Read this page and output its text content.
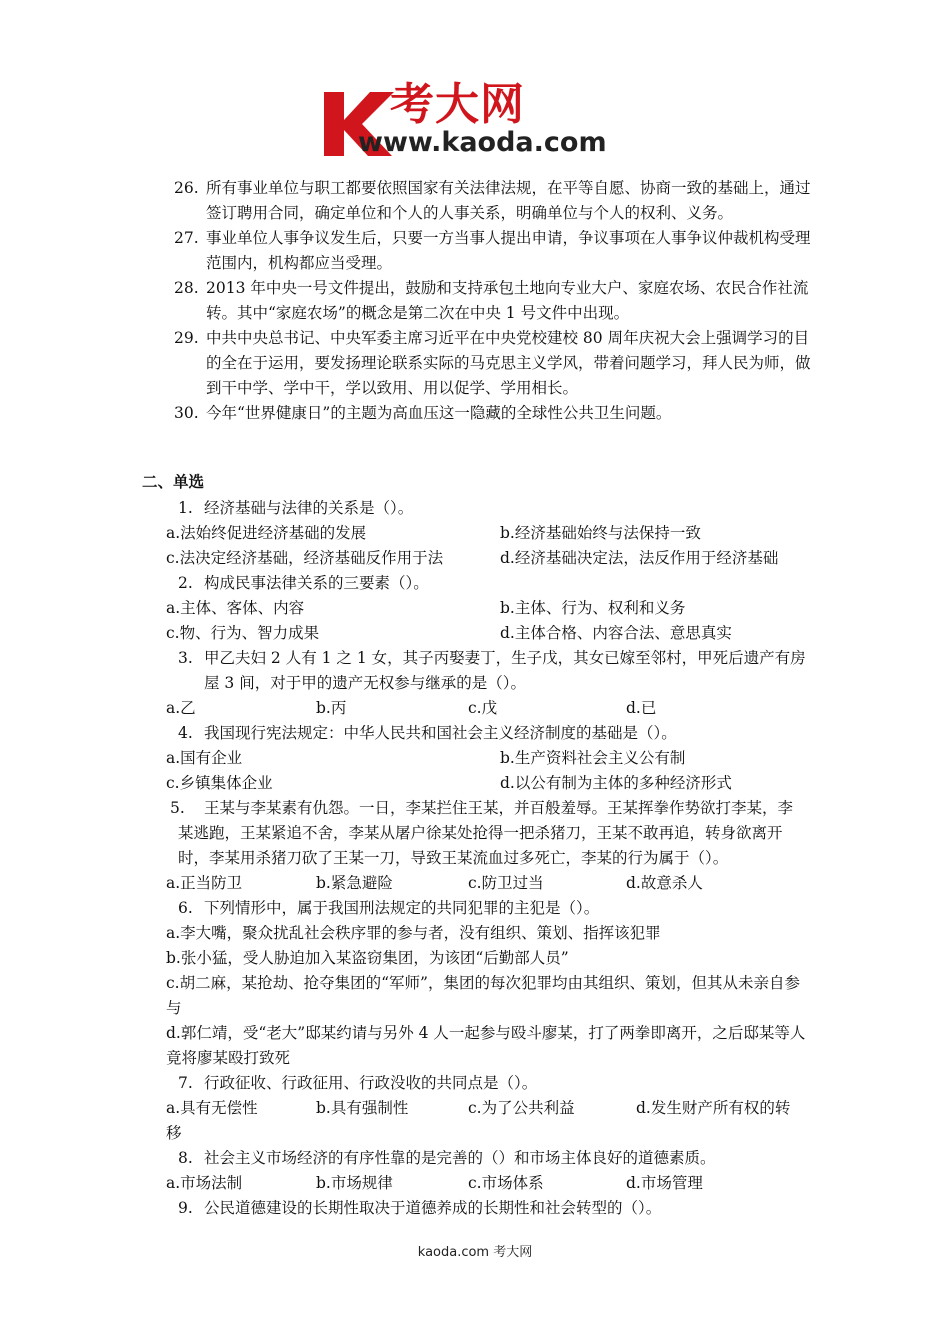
考大网
www.kaoda.com
26. 所有事业单位与职工都要依照国家有关法律法规，在平等自愿、协商一致的基础上，通过签订聘用合同，确定单位和个人的人事关系，明确单位与个人的权利、义务。
27. 事业单位人事争议发生后，只要一方当事人提出申请，争议事项在人事争议仲裁机构受理范围内，机构都应当受理。
28. 2013 年中央一号文件提出，鼓励和支持承包土地向专业大户、家庭农场、农民合作社流转。其中“家庭农场”的概念是第二次在中央 1 号文件中出现。
29. 中共中央总书记、中央军委主席习近平在中央党校建校 80 周年庆祝大会上强调学习的目的全在于运用，要发扬理论联系实际的马克思主义学风，带着问题学习，拜人民为师，做到干中学、学中干，学以致用、用以促学、学用相长。
30. 今年“世界健康日”的主题为高血压这一隐藏的全球性公共卫生问题。
二、单选
1. 经济基础与法律的关系是（）。
a.法始终促进经济基础的发展	b.经济基础始终与法保持一致
c.法决定经济基础，经济基础反作用于法	d.经济基础决定法，法反作用于经济基础
2. 构成民事法律关系的三要素（）。
a.主体、客体、内容	b.主体、行为、权利和义务
c.物、行为、智力成果	d.主体合格、内容合法、意思真实
3. 甲乙夫妇 2 人有 1 之 1 女，其子丙娶妻丁，生子戊，其女已嫁至邻村，甲死后遗产有房屋 3 间，对于甲的遗产无权参与继承的是（）。
a.乙	b.丙	c.戊	d.已
4. 我国现行宪法规定：中华人民共和国社会主义经济制度的基础是（）。
a.国有企业	b.生产资料社会主义公有制
c.乡镇集体企业	d.以公有制为主体的多种经济形式
5. 王某与李某素有仇怨。一日，李某拦住王某，并百般羞辱。王某挥拳作势欲打李某，李某逃跑，王某紧追不舍，李某从屠户徐某处抢得一把杀猪刀，王某不敢再追，转身欲离开时，李某用杀猪刀砍了王某一刀，导致王某流血过多死亡，李某的行为属于（）。
a.正当防卫	b.紧急避险	c.防卫过当	d.故意杀人
6. 下列情形中，属于我国刑法规定的共同犯罪的主犯是（）。
a.李大嘴，聚众扰乱社会秩序罪的参与者，没有组织、策划、指挥该犯罪
b.张小猛，受人胁迫加入某盗窃集团，为该团“后勤部人员”
c.胡二麻，某抢劫、抢夺集团的“军师”，集团的每次犯罪均由其组织、策划，但其从未亲自参与
d.郭仁靖，受“老大”邸某约请与另外 4 人一起参与殴斗廖某，打了两拳即离开，之后邸某等人竟将廖某殴打致死
7. 行政征收、行政征用、行政没收的共同点是（）。
a.具有无偿性	b.具有强制性	c.为了公共利益	d.发生财产所有权的转
移
8. 社会主义市场经济的有序性靠的是完善的（）和市场主体良好的道德素质。
a.市场法制	b.市场规律	c.市场体系	d.市场管理
9. 公民道德建设的长期性取决于道德养成的长期性和社会转型的（）。
kaoda.com 考大网
